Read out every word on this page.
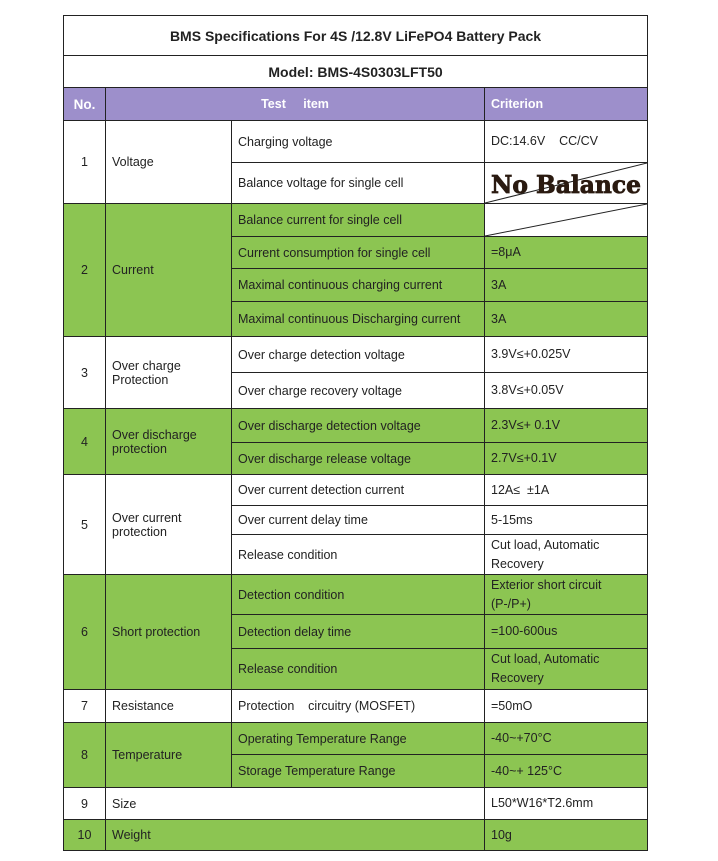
BMS Specifications For 4S /12.8V LiFePO4 Battery Pack			
Model: BMS-4S0303LFT50			
No.	Test     item		Criterion
1	Voltage	Charging voltage	DC:14.6V    CC/CV
		Balance voltage for single cell	No Balance

2	Current	Balance current for single cell	

		Current consumption for single cell	=8μA
		Maximal continuous charging current	3A
		Maximal continuous Discharging current	3A
3	Over charge Protection	Over charge detection voltage	3.9V≤+0.025V
		Over charge recovery voltage	3.8V≤+0.05V
4	Over discharge protection	Over discharge detection voltage	2.3V≤+ 0.1V
		Over discharge release voltage	2.7V≤+0.1V
5	Over current protection	Over current detection current	12A≤  ±1A
		Over current delay time	5-15ms
		Release condition	Cut load, Automatic Recovery
6	Short protection	Detection condition	Exterior short circuit (P-/P+)
		Detection delay time	=100-600us
		Release condition	Cut load, Automatic Recovery
7	Resistance	Protection    circuitry (MOSFET)	=50mO
8	Temperature	Operating Temperature Range	-40~+70°C
		Storage Temperature Range	-40~+ 125°C
9	Size		L50*W16*T2.6mm
10	Weight		10g
